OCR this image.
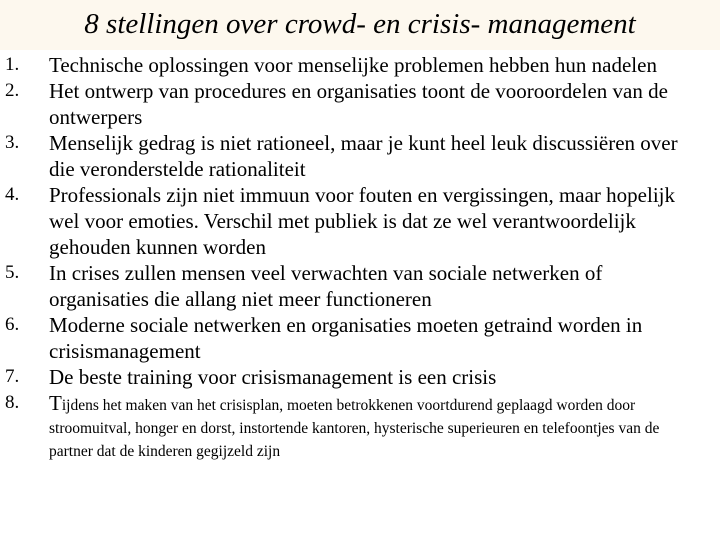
8 stellingen over crowd- en crisis- management
1. Technische oplossingen voor menselijke problemen hebben hun nadelen
2. Het ontwerp van procedures en organisaties toont de vooroordelen van de ontwerpers
3. Menselijk gedrag is niet rationeel, maar je kunt heel leuk discussiëren over die veronderstelde rationaliteit
4. Professionals zijn niet immuun voor fouten en vergissingen, maar hopelijk wel voor emoties. Verschil met publiek is dat ze wel verantwoordelijk gehouden kunnen worden
5. In crises zullen mensen veel verwachten van sociale netwerken of organisaties die allang niet meer functioneren
6. Moderne sociale netwerken en organisaties moeten getraind worden in crisismanagement
7. De beste training voor crisismanagement is een crisis
8. Tijdens het maken van het crisisplan, moeten betrokkenen voortdurend geplaagd worden door stroomuitval, honger en dorst, instortende kantoren, hysterische superieuren en telefoontjes van de partner dat de kinderen gegijzeld zijn
